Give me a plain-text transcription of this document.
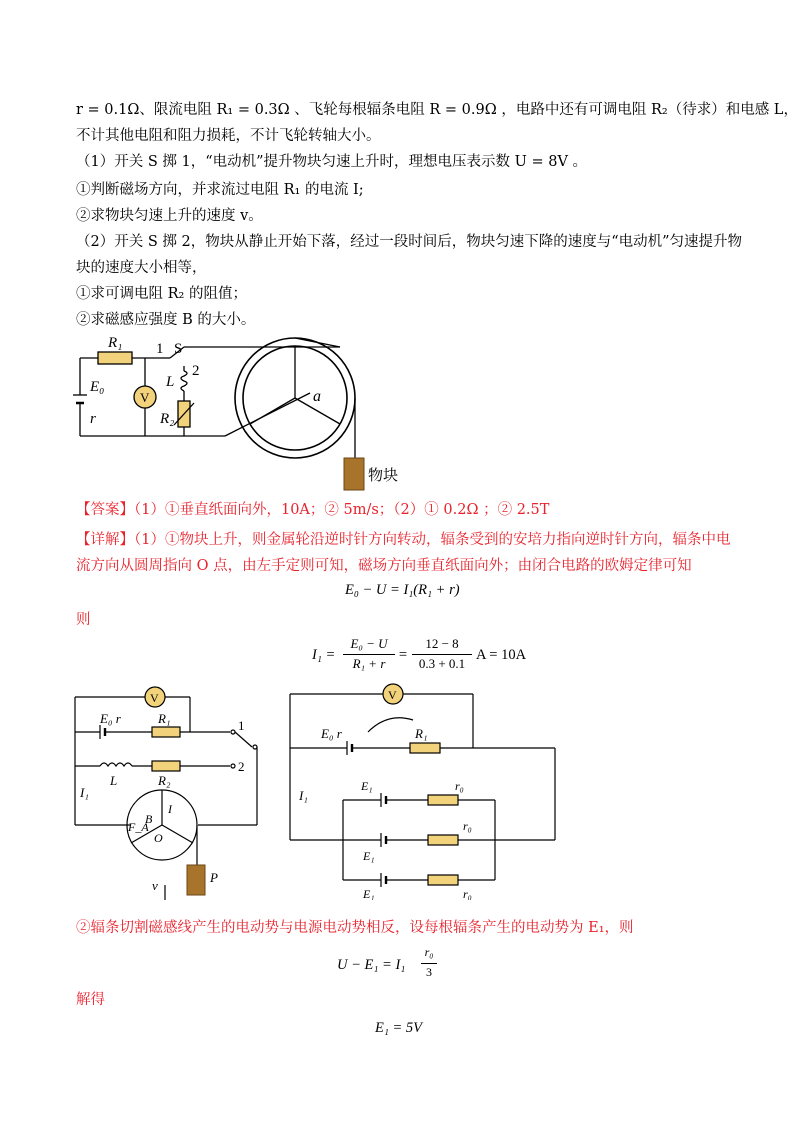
r = 0.1Ω、限流电阻 R₁ = 0.3Ω 、飞轮每根辐条电阻 R = 0.9Ω ，电路中还有可调电阻 R₂（待求）和电感 L，
不计其他电阻和阻力损耗，不计飞轮转轴大小。
（1）开关 S 掷 1，“电动机”提升物块匀速上升时，理想电压表示数 U = 8V 。
①判断磁场方向，并求流过电阻 R₁ 的电流 I;
②求物块匀速上升的速度 v。
（2）开关 S 掷 2，物块从静止开始下落，经过一段时间后，物块匀速下降的速度与“电动机”匀速提升物
块的速度大小相等，
①求可调电阻 R₂ 的阻值；
②求磁感应强度 B 的大小。
R₁ 1 S
2
E₀
V
L
r	R₂
a
物块
【答案】（1）①垂直纸面向外，10A；② 5m/s；（2）① 0.2Ω ；② 2.5T
【详解】（1）①物块上升，则金属轮沿逆时针方向转动，辐条受到的安培力指向逆时针方向，辐条中电
流方向从圆周指向 O 点，由左手定则可知，磁场方向垂直纸面向外；由闭合电路的欧姆定律可知
E₀ − U = I₁(R₁ + r)
则
I₁ =
E₀ − U
R₁ + r
=
12 − 8
0.3 + 0.1
A = 10A
V
E₀ r	R₁	1
L	R₂
2
I₁
B
I
F_A
O
v
P
V
E₀ r	R₁
I₁
E₁	r₀
E₁
r₀
E₁	r₀
②辐条切割磁感线产生的电动势与电源电动势相反，设每根辐条产生的电动势为 E₁，则
U − E₁ = I₁
r₀
3
解得
E₁ = 5V
